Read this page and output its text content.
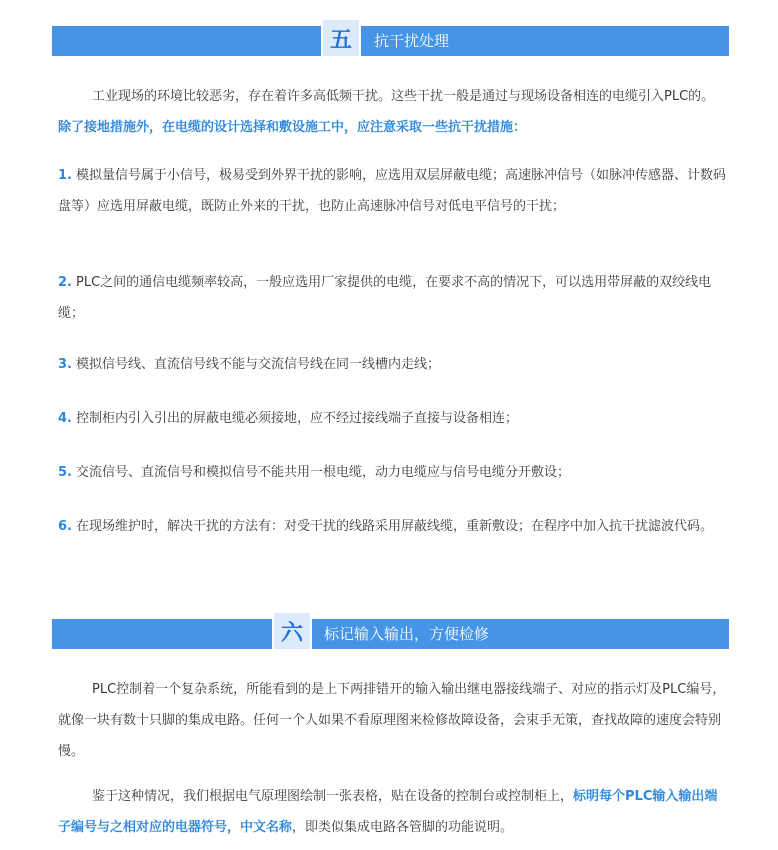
五	抗干扰处理
工业现场的环境比较恶劣，存在着许多高低频干扰。这些干扰一般是通过与现场设备相连的电缆引入PLC的。除了接地措施外，在电缆的设计选择和敷设施工中，应注意采取一些抗干扰措施：
1. 模拟量信号属于小信号，极易受到外界干扰的影响，应选用双层屏蔽电缆；高速脉冲信号（如脉冲传感器、计数码盘等）应选用屏蔽电缆，既防止外来的干扰，也防止高速脉冲信号对低电平信号的干扰；
2. PLC之间的通信电缆频率较高，一般应选用厂家提供的电缆，在要求不高的情况下，可以选用带屏蔽的双绞线电缆；
3. 模拟信号线、直流信号线不能与交流信号线在同一线槽内走线；
4. 控制柜内引入引出的屏蔽电缆必须接地，应不经过接线端子直接与设备相连；
5. 交流信号、直流信号和模拟信号不能共用一根电缆，动力电缆应与信号电缆分开敷设；
6. 在现场维护时，解决干扰的方法有：对受干扰的线路采用屏蔽线缆，重新敷设；在程序中加入抗干扰滤波代码。
六	标记输入输出，方便检修
PLC控制着一个复杂系统，所能看到的是上下两排错开的输入输出继电器接线端子、对应的指示灯及PLC编号，就像一块有数十只脚的集成电路。任何一个人如果不看原理图来检修故障设备，会束手无策，查找故障的速度会特别慢。
鉴于这种情况，我们根据电气原理图绘制一张表格，贴在设备的控制台或控制柜上，标明每个PLC输入输出端子编号与之相对应的电器符号，中文名称，即类似集成电路各管脚的功能说明。
